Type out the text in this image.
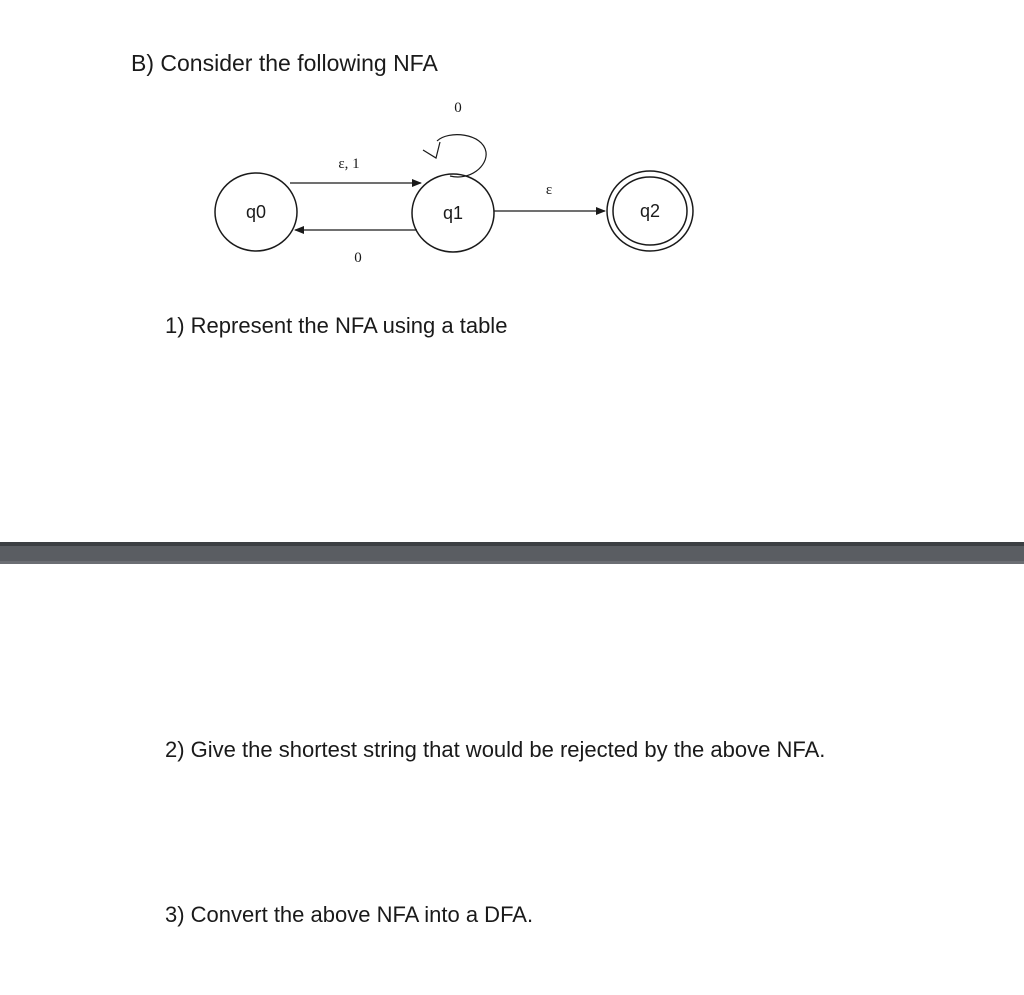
B) Consider the following NFA
q0	q1	q2
ε, 1
0
0
ε
1) Represent the NFA using a table
2) Give the shortest string that would be rejected by the above NFA.
3) Convert the above NFA into a DFA.
